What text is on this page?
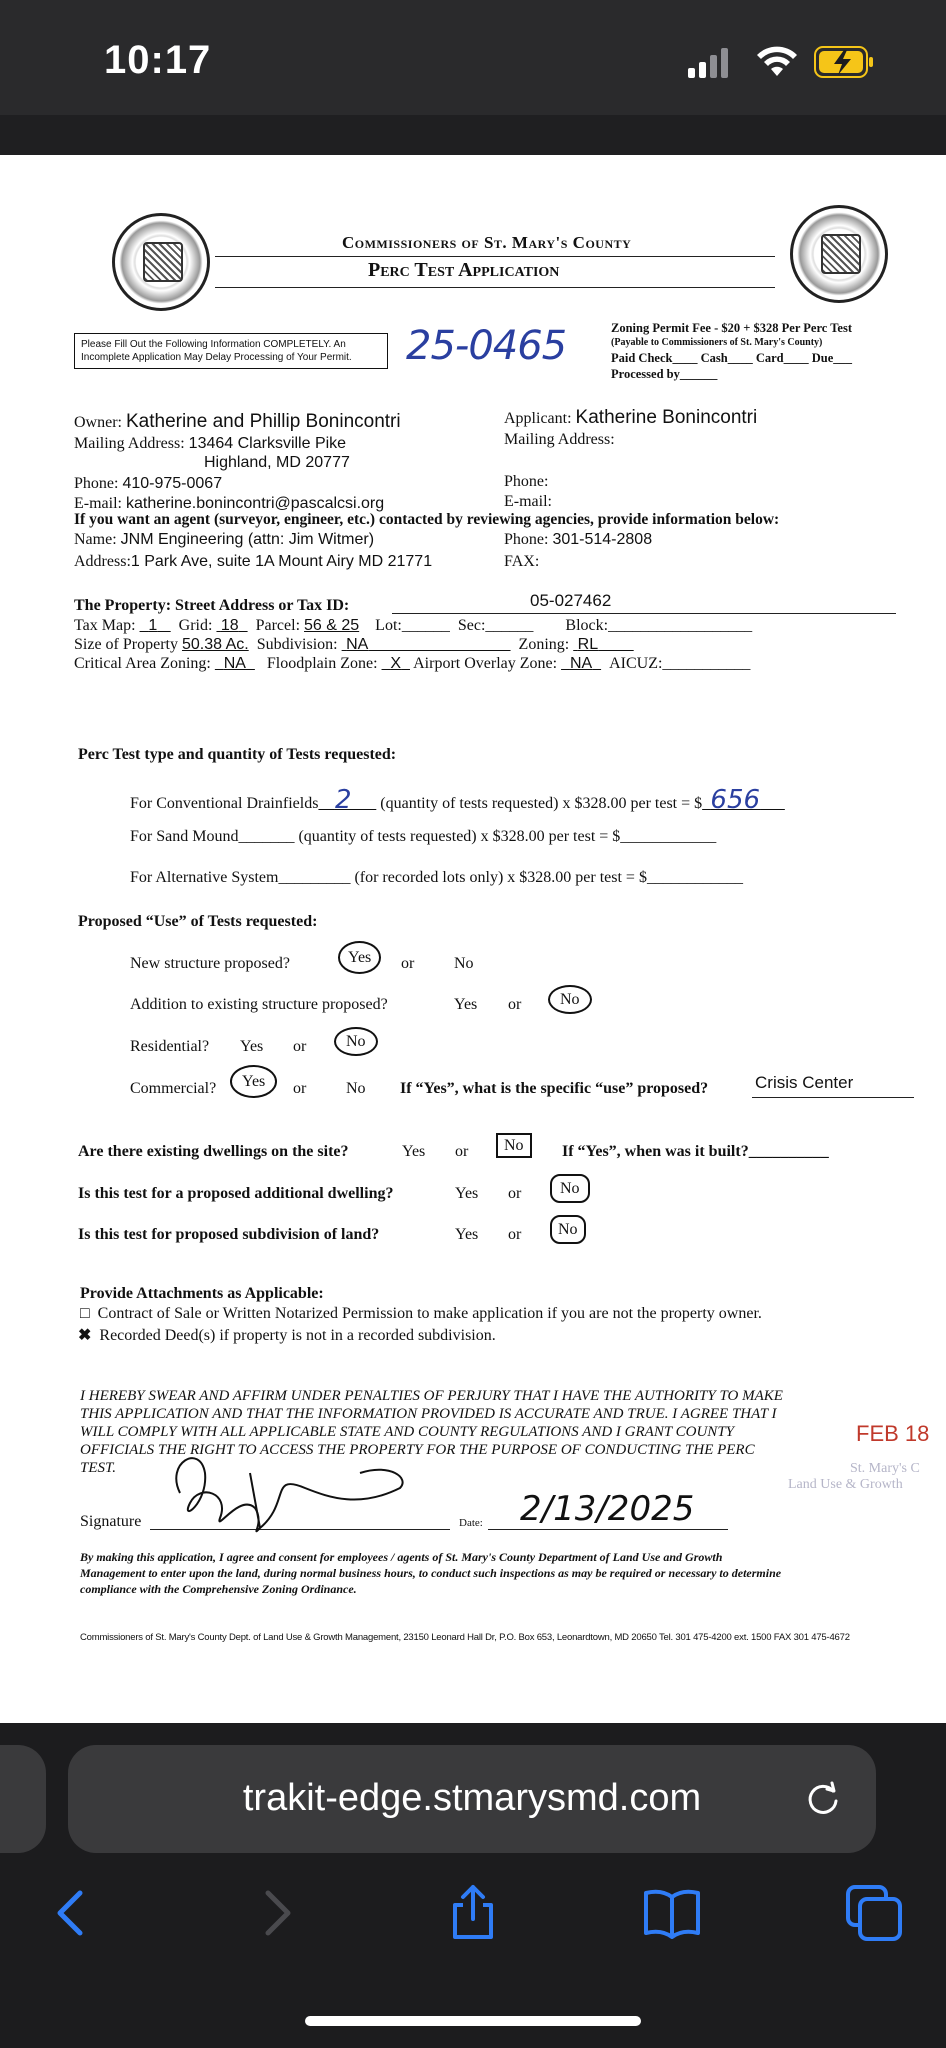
10:17
Commissioners of St. Mary's County
Perc Test Application
Please Fill Out the Following Information COMPLETELY. An Incomplete Application May Delay Processing of Your Permit.	25-0465	Zoning Permit Fee - $20 + $328 Per Perc Test
(Payable to Commissioners of St. Mary's County)
Paid Check____ Cash____ Card____ Due___
Processed by______
Owner: Katherine and Phillip Bonincontri
Mailing Address: 13464 Clarksville Pike
Highland, MD 20777
Phone: 410-975-0067
E-mail: katherine.bonincontri@pascalcsi.org
Applicant: Katherine Bonincontri
Mailing Address:
Phone:
E-mail:
If you want an agent (surveyor, engineer, etc.) contacted by reviewing agencies, provide information below:
Name: JNM Engineering (attn: Jim Witmer)	Phone: 301-514-2808
Address:1 Park Ave, suite 1A Mount Airy MD 21771	FAX:
The Property: Street Address or Tax ID:	05-027462
Tax Map: 1 Grid: 18 Parcel: 56 & 25 Lot:______  Sec:______        Block:__________________
Size of Property 50.38 Ac. Subdivision: NA	Zoning: RL
Critical Area Zoning: NA Floodplain Zone: X Airport Overlay Zone: NA AICUZ:___________
Perc Test type and quantity of Tests requested:
For Conventional Drainfields 2 (quantity of tests requested) x $328.00 per test = $ 656
For Sand Mound_______ (quantity of tests requested) x $328.00 per test = $____________
For Alternative System_________ (for recorded lots only) x $328.00 per test = $____________
Proposed “Use” of Tests requested:
New structure proposed?	Yes	or No
Addition to existing structure proposed?	Yes or	No
Residential? Yes or	No
Commercial?	Yes	or No If “Yes”, what is the specific “use” proposed?	Crisis Center
Are there existing dwellings on the site?	Yes or	No	If “Yes”, when was it built?__________
Is this test for a proposed additional dwelling?	Yes or	No
Is this test for proposed subdivision of land?	Yes or	No
Provide Attachments as Applicable:
□ Contract of Sale or Written Notarized Permission to make application if you are not the property owner.
✖ Recorded Deed(s) if property is not in a recorded subdivision.
I HEREBY SWEAR AND AFFIRM UNDER PENALTIES OF PERJURY THAT I HAVE THE AUTHORITY TO MAKE
THIS APPLICATION AND THAT THE INFORMATION PROVIDED IS ACCURATE AND TRUE. I AGREE THAT I
WILL COMPLY WITH ALL APPLICABLE STATE AND COUNTY REGULATIONS AND I GRANT COUNTY
OFFICIALS THE RIGHT TO ACCESS THE PROPERTY FOR THE PURPOSE OF CONDUCTING THE PERC
TEST.
FEB 18
St. Mary's C
Land Use & Growth
Signature	Date: 2/13/2025
By making this application, I agree and consent for employees / agents of St. Mary's County Department of Land Use and Growth
Management to enter upon the land, during normal business hours, to conduct such inspections as may be required or necessary to determine
compliance with the Comprehensive Zoning Ordinance.
Commissioners of St. Mary's County Dept. of Land Use & Growth Management, 23150 Leonard Hall Dr, P.O. Box 653, Leonardtown, MD 20650 Tel. 301 475-4200 ext. 1500 FAX 301 475-4672
trakit-edge.stmarysmd.com
